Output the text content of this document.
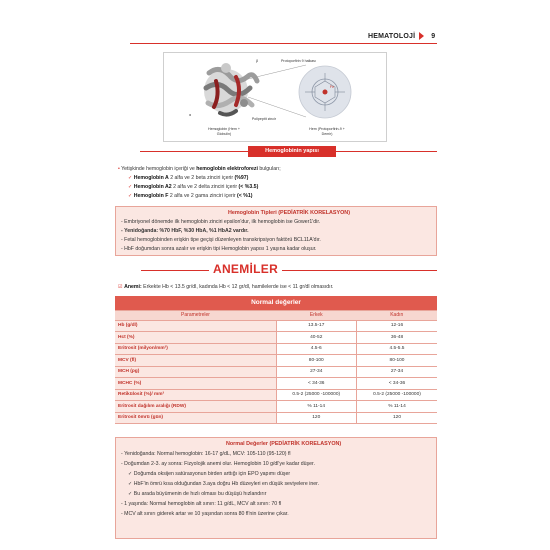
HEMATOLOJİ 9
Protoporfirin 9 halkası
α
β
Hemoglobin (Hem + Globulin)
Polipeptit zincir
Hem (Protoporfirin-9 + Demir)
Fe
Hemoglobinin yapısı
• Yetişkinde hemoglobin içeriği ve hemoglobin elektroforezi bulguları;
✓ Hemoglobin A 2 alfa ve 2 beta zinciri içerir (%97)
✓ Hemoglobin A2 2 alfa ve 2 delta zinciri içerir (< %3.5)
✓ Hemoglobin F 2 alfa ve 2 gama zinciri içerir (< %1)
Hemoglobin Tipleri (PEDİATRİK KORELASYON)
- Embriyonel dönemde ilk hemoglobin zinciri epsilon'dur, ilk hemoglobin ise Gower1'dir.
- Yenidoğanda: %70 HbF, %30 HbA, %1 HbA2 vardır.
- Fetal hemoglobinden erişkin tipe geçişi düzenleyen transkripsiyon faktörü BCL11A'dır.
- HbF doğumdan sonra azalır ve erişkin tipi Hemoglobin yapısı 1 yaşına kadar oluşur.
ANEMİLER
☑ Anemi: Erkekte Hb < 13.5 gr/dl, kadında Hb < 12 gr/dl, hamilelerde ise < 11 gr/dl olmasıdır.
Normal değerler		
Parametreler	Erkek	Kadın
Hb (g/dl)	13.5-17	12-16
Hct (%)	40-52	36-48
Eritrosit (milyon/mm³)	4.5-6	4.5-5.5
MCV (fl)	80-100	80-100
MCH (pg)	27-34	27-34
MCHC (%)	< 34-36	< 34-36
Retikülosit (%)/ mm³	0.5-2 (25000 -100000)	0.5-2 (25000 -100000)
Eritrosit dağılım aralığı (RDW)	% 11-14	% 11-14
Eritrosit ömrü (gün)	120	120
Normal Değerler (PEDİATRİK KORELASYON)
- Yenidoğanda: Normal hemoglobin: 16-17 g/dL, MCV: 105-110 (95-120) fl
- Doğumdan 2-3. ay sonra: Fizyolojik anemi olur. Hemoglobin 10 g/dl'ye kadar düşer.
✓ Doğumda oksijen satürasyonun birden arttığı için EPO yapımı düşer
✓ HbF'in ömrü kısa olduğundan 3.aya doğru Hb düzeyleri en düşük seviyelere iner.
✓ Bu arada büyümenin de hızlı olması bu düşüşü hızlandırır
- 1 yaşında: Normal hemoglobin alt sınırı: 11 g/dL, MCV alt sınırı: 70 fl
- MCV alt sınırı giderek artar ve 10 yaşından sonra 80 fl'nin üzerine çıkar.
